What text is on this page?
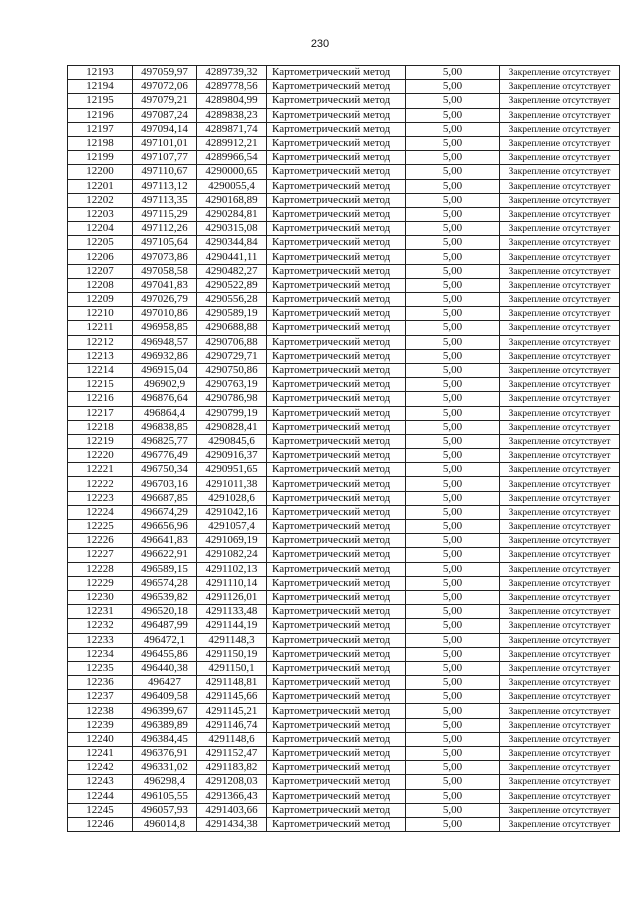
230
12193	497059,97	4289739,32	Картометрический метод	5,00	Закрепление отсутствует
12194	497072,06	4289778,56	Картометрический метод	5,00	Закрепление отсутствует
12195	497079,21	4289804,99	Картометрический метод	5,00	Закрепление отсутствует
12196	497087,24	4289838,23	Картометрический метод	5,00	Закрепление отсутствует
12197	497094,14	4289871,74	Картометрический метод	5,00	Закрепление отсутствует
12198	497101,01	4289912,21	Картометрический метод	5,00	Закрепление отсутствует
12199	497107,77	4289966,54	Картометрический метод	5,00	Закрепление отсутствует
12200	497110,67	4290000,65	Картометрический метод	5,00	Закрепление отсутствует
12201	497113,12	4290055,4	Картометрический метод	5,00	Закрепление отсутствует
12202	497113,35	4290168,89	Картометрический метод	5,00	Закрепление отсутствует
12203	497115,29	4290284,81	Картометрический метод	5,00	Закрепление отсутствует
12204	497112,26	4290315,08	Картометрический метод	5,00	Закрепление отсутствует
12205	497105,64	4290344,84	Картометрический метод	5,00	Закрепление отсутствует
12206	497073,86	4290441,11	Картометрический метод	5,00	Закрепление отсутствует
12207	497058,58	4290482,27	Картометрический метод	5,00	Закрепление отсутствует
12208	497041,83	4290522,89	Картометрический метод	5,00	Закрепление отсутствует
12209	497026,79	4290556,28	Картометрический метод	5,00	Закрепление отсутствует
12210	497010,86	4290589,19	Картометрический метод	5,00	Закрепление отсутствует
12211	496958,85	4290688,88	Картометрический метод	5,00	Закрепление отсутствует
12212	496948,57	4290706,88	Картометрический метод	5,00	Закрепление отсутствует
12213	496932,86	4290729,71	Картометрический метод	5,00	Закрепление отсутствует
12214	496915,04	4290750,86	Картометрический метод	5,00	Закрепление отсутствует
12215	496902,9	4290763,19	Картометрический метод	5,00	Закрепление отсутствует
12216	496876,64	4290786,98	Картометрический метод	5,00	Закрепление отсутствует
12217	496864,4	4290799,19	Картометрический метод	5,00	Закрепление отсутствует
12218	496838,85	4290828,41	Картометрический метод	5,00	Закрепление отсутствует
12219	496825,77	4290845,6	Картометрический метод	5,00	Закрепление отсутствует
12220	496776,49	4290916,37	Картометрический метод	5,00	Закрепление отсутствует
12221	496750,34	4290951,65	Картометрический метод	5,00	Закрепление отсутствует
12222	496703,16	4291011,38	Картометрический метод	5,00	Закрепление отсутствует
12223	496687,85	4291028,6	Картометрический метод	5,00	Закрепление отсутствует
12224	496674,29	4291042,16	Картометрический метод	5,00	Закрепление отсутствует
12225	496656,96	4291057,4	Картометрический метод	5,00	Закрепление отсутствует
12226	496641,83	4291069,19	Картометрический метод	5,00	Закрепление отсутствует
12227	496622,91	4291082,24	Картометрический метод	5,00	Закрепление отсутствует
12228	496589,15	4291102,13	Картометрический метод	5,00	Закрепление отсутствует
12229	496574,28	4291110,14	Картометрический метод	5,00	Закрепление отсутствует
12230	496539,82	4291126,01	Картометрический метод	5,00	Закрепление отсутствует
12231	496520,18	4291133,48	Картометрический метод	5,00	Закрепление отсутствует
12232	496487,99	4291144,19	Картометрический метод	5,00	Закрепление отсутствует
12233	496472,1	4291148,3	Картометрический метод	5,00	Закрепление отсутствует
12234	496455,86	4291150,19	Картометрический метод	5,00	Закрепление отсутствует
12235	496440,38	4291150,1	Картометрический метод	5,00	Закрепление отсутствует
12236	496427	4291148,81	Картометрический метод	5,00	Закрепление отсутствует
12237	496409,58	4291145,66	Картометрический метод	5,00	Закрепление отсутствует
12238	496399,67	4291145,21	Картометрический метод	5,00	Закрепление отсутствует
12239	496389,89	4291146,74	Картометрический метод	5,00	Закрепление отсутствует
12240	496384,45	4291148,6	Картометрический метод	5,00	Закрепление отсутствует
12241	496376,91	4291152,47	Картометрический метод	5,00	Закрепление отсутствует
12242	496331,02	4291183,82	Картометрический метод	5,00	Закрепление отсутствует
12243	496298,4	4291208,03	Картометрический метод	5,00	Закрепление отсутствует
12244	496105,55	4291366,43	Картометрический метод	5,00	Закрепление отсутствует
12245	496057,93	4291403,66	Картометрический метод	5,00	Закрепление отсутствует
12246	496014,8	4291434,38	Картометрический метод	5,00	Закрепление отсутствует
